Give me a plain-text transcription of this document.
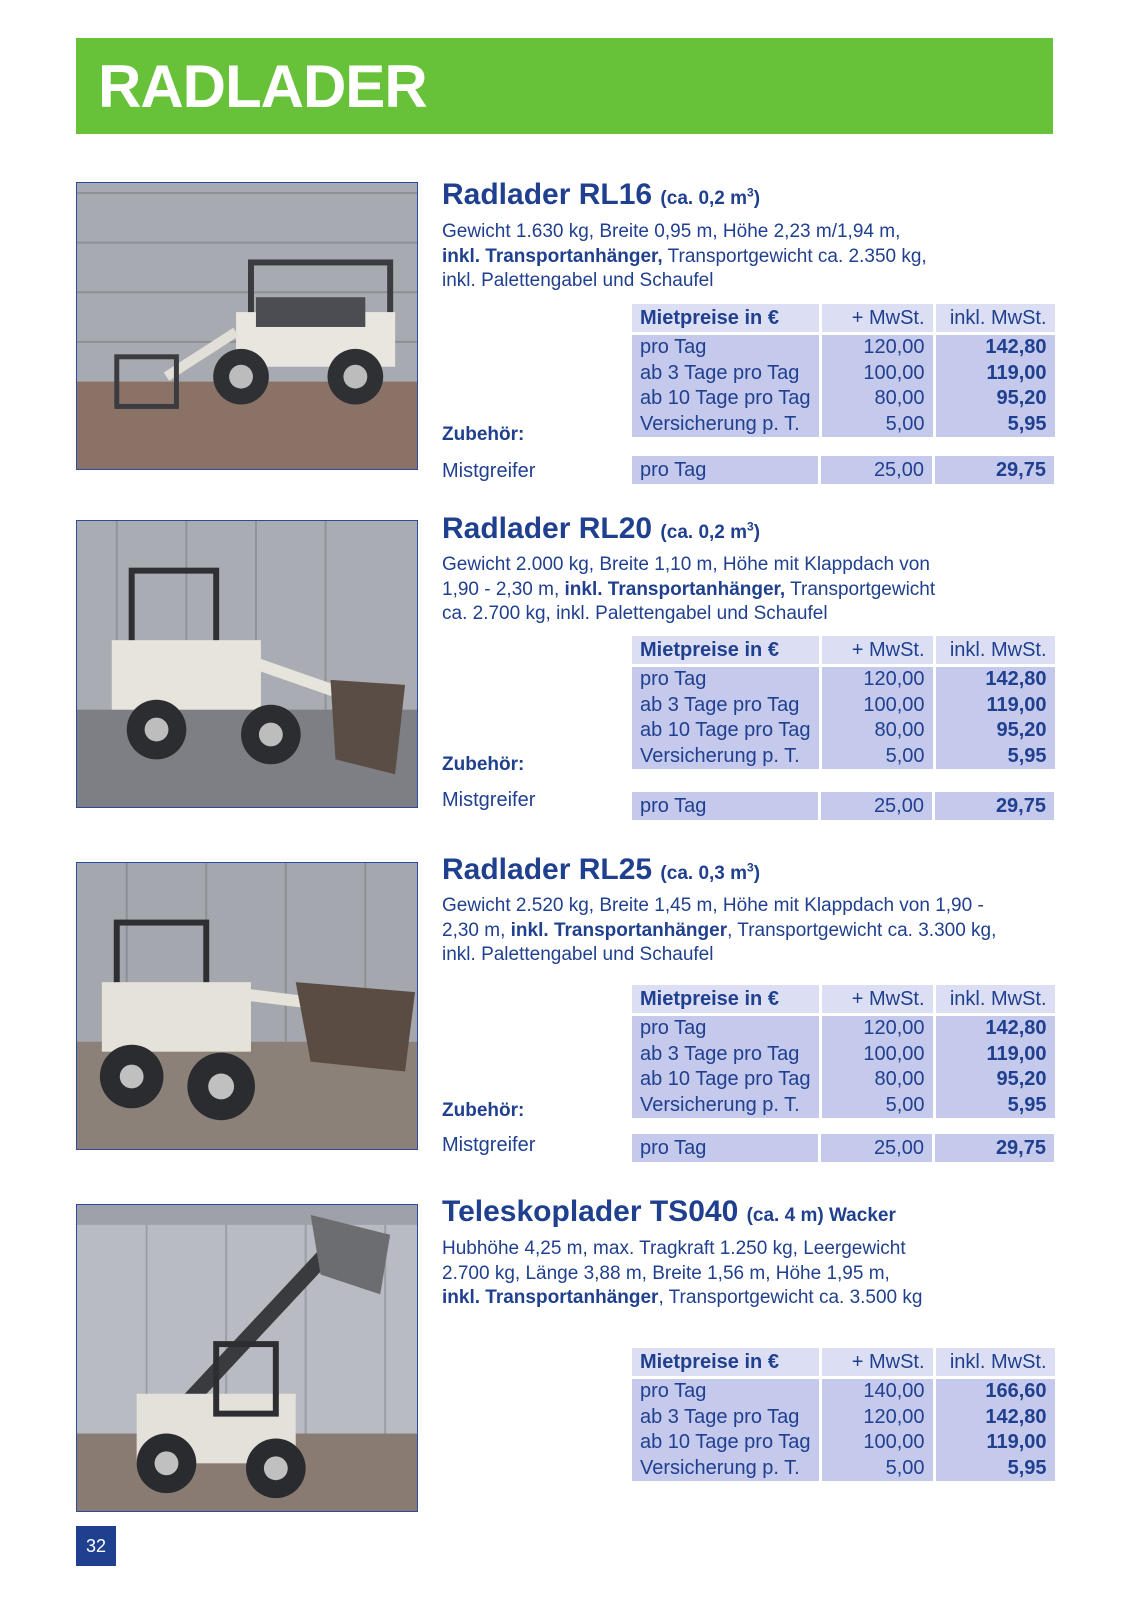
RADLADER
Radlader RL16 (ca. 0,2 $m^3$)

Gewicht 1.630 kg, Breite 0,95 m, Höhe 2,23 m/1,94 m,
inkl. Transportanhänger, Transportgewicht ca. 2.350 kg,
inkl. Palettengabel und Schaufel

Mietpreise in €	+ MwSt.	inkl. MwSt.
pro Tag	120,00	142,80
ab 3 Tage pro Tag	100,00	119,00
ab 10 Tage pro Tag	80,00	95,20
Versicherung p. T.	5,00	5,95
Zubehör:
Mistgreifer	pro Tag	25,00	29,75
Radlader RL20 (ca. 0,2 $m^3$)

Gewicht 2.000 kg, Breite 1,10 m, Höhe mit Klappdach von
1,90 - 2,30 m, inkl. Transportanhänger, Transportgewicht
ca. 2.700 kg, inkl. Palettengabel und Schaufel

Mietpreise in €	+ MwSt.	inkl. MwSt.
pro Tag	120,00	142,80
ab 3 Tage pro Tag	100,00	119,00
ab 10 Tage pro Tag	80,00	95,20
Versicherung p. T.	5,00	5,95
Zubehör:
Mistgreifer	pro Tag	25,00	29,75
Radlader RL25 (ca. 0,3 $m^3$)

Gewicht 2.520 kg, Breite 1,45 m, Höhe mit Klappdach von 1,90 -
2,30 m, inkl. Transportanhänger, Transportgewicht ca. 3.300 kg,
inkl. Palettengabel und Schaufel

Mietpreise in €	+ MwSt.	inkl. MwSt.
pro Tag	120,00	142,80
ab 3 Tage pro Tag	100,00	119,00
ab 10 Tage pro Tag	80,00	95,20
Versicherung p. T.	5,00	5,95
Zubehör:
Mistgreifer	pro Tag	25,00	29,75
Teleskoplader TS040 (ca. 4 m) Wacker

Hubhöhe 4,25 m, max. Tragkraft 1.250 kg, Leergewicht
2.700 kg, Länge 3,88 m, Breite 1,56 m, Höhe 1,95 m,
inkl. Transportanhänger, Transportgewicht ca. 3.500 kg

Mietpreise in €	+ MwSt.	inkl. MwSt.
pro Tag	140,00	166,60
ab 3 Tage pro Tag	120,00	142,80
ab 10 Tage pro Tag	100,00	119,00
Versicherung p. T.	5,00	5,95
32
